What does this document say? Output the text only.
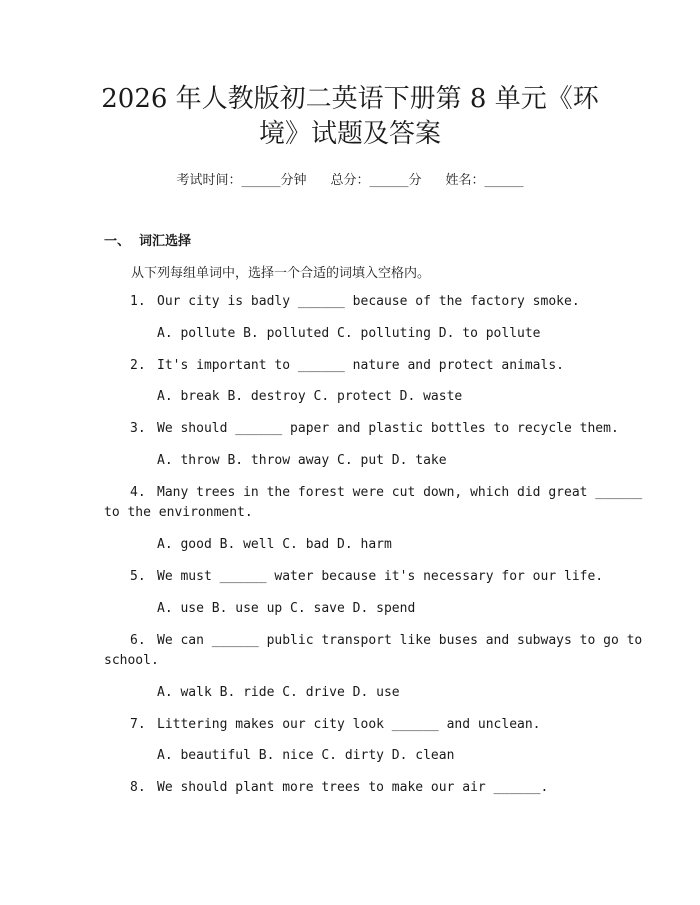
2026 年人教版初二英语下册第 8 单元《环
境》试题及答案
考试时间：______分钟 总分：______分 姓名：______
一、  词汇选择
从下列每组单词中，选择一个合适的词填入空格内。
1. Our city is badly ______ because of the factory smoke.
A. pollute B. polluted C. polluting D. to pollute
2. It's important to ______ nature and protect animals.
A. break B. destroy C. protect D. waste
3. We should ______ paper and plastic bottles to recycle them.
A. throw B. throw away C. put D. take
4. Many trees in the forest were cut down, which did great ______
to the environment.
A. good B. well C. bad D. harm
5. We must ______ water because it's necessary for our life.
A. use B. use up C. save D. spend
6. We can ______ public transport like buses and subways to go to
school.
A. walk B. ride C. drive D. use
7. Littering makes our city look ______ and unclean.
A. beautiful B. nice C. dirty D. clean
8. We should plant more trees to make our air ______.
